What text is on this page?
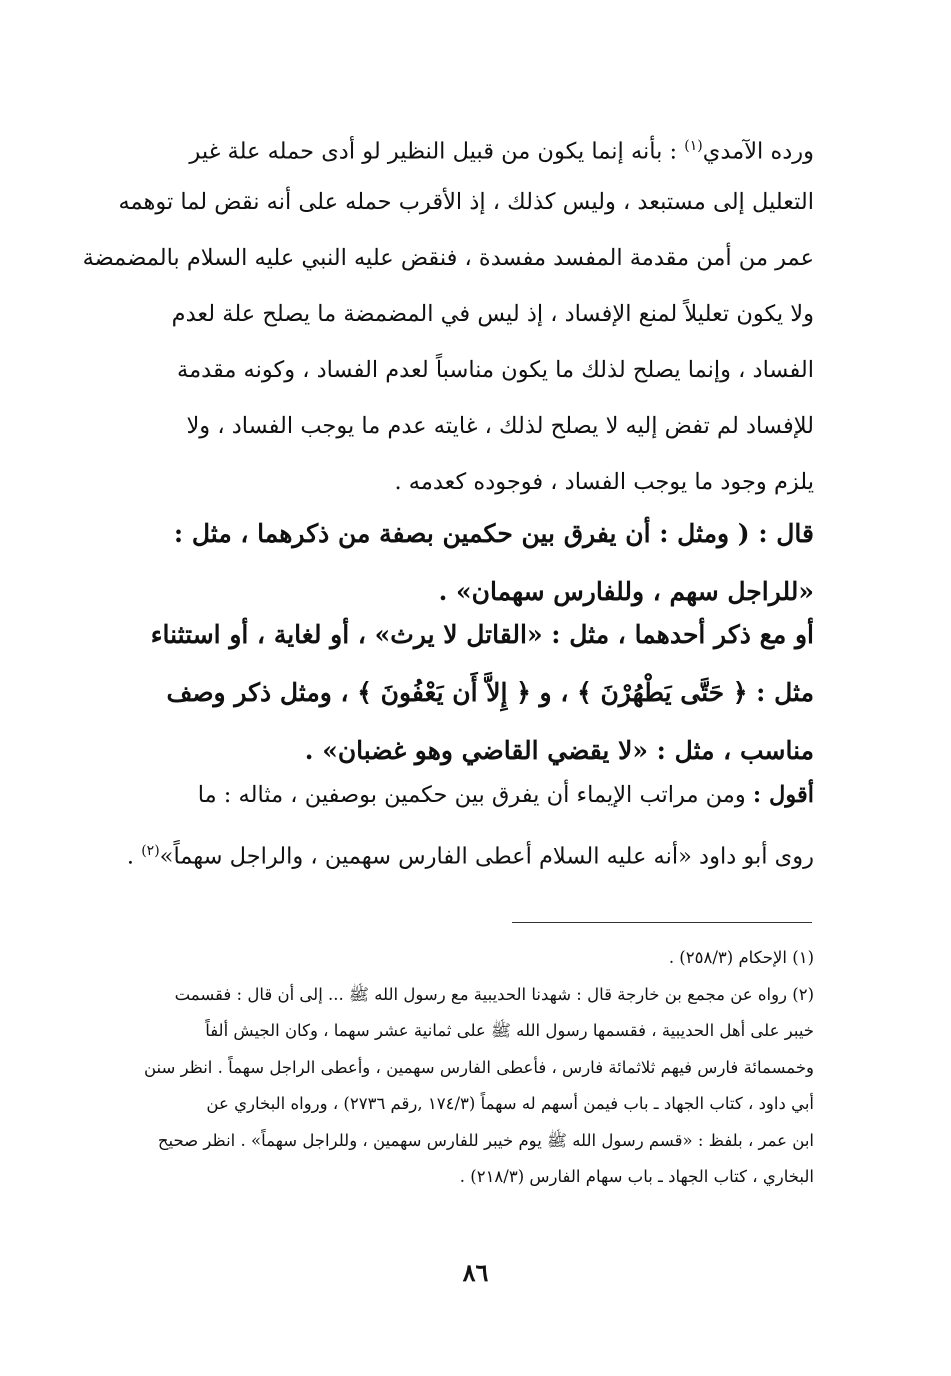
ورده الآمدي$^{(١)}$ : بأنه إنما يكون من قبيل النظير لو أدى حمله علة غير
التعليل إلى مستبعد ، وليس كذلك ، إذ الأقرب حمله على أنه نقض لما توهمه
عمر من أمن مقدمة المفسد مفسدة ، فنقض عليه النبي عليه السلام بالمضمضة
ولا يكون تعليلاً لمنع الإفساد ، إذ ليس في المضمضة ما يصلح علة لعدم
الفساد ، وإنما يصلح لذلك ما يكون مناسباً لعدم الفساد ، وكونه مقدمة
للإفساد لم تفض إليه لا يصلح لذلك ، غايته عدم ما يوجب الفساد ، ولا
يلزم وجود ما يوجب الفساد ، فوجوده كعدمه .
قال : ( ومثل : أن يفرق بين حكمين بصفة من ذكرهما ، مثل :
«للراجل سهم ، وللفارس سهمان» .
أو مع ذكر أحدهما ، مثل : «القاتل لا يرث» ، أو لغاية ، أو استثناء
مثل : ﴿ حَتَّى يَطْهُرْنَ ﴾ ، و ﴿ إِلاَّ أَن يَعْفُونَ ﴾ ، ومثل ذكر وصف
مناسب ، مثل : «لا يقضي القاضي وهو غضبان» .
أقول : ومن مراتب الإيماء أن يفرق بين حكمين بوصفين ، مثاله : ما
روى أبو داود «أنه عليه السلام أعطى الفارس سهمين ، والراجل سهماً»$^{(٢)}$ .
(١) الإحكام (٢٥٨/٣) .
(٢) رواه عن مجمع بن خارجة قال : شهدنا الحديبية مع رسول الله ﷺ ... إلى أن قال : فقسمت
خيبر على أهل الحديبية ، فقسمها رسول الله ﷺ على ثمانية عشر سهما ، وكان الجيش ألفاً
وخمسمائة فارس فيهم ثلاثمائة فارس ، فأعطى الفارس سهمين ، وأعطى الراجل سهماً . انظر سنن
أبي داود ، كتاب الجهاد ـ باب فيمن أسهم له سهماً (١٧٤/٣ ,رقم ٢٧٣٦) ، ورواه البخاري عن
ابن عمر ، بلفظ : «قسم رسول الله ﷺ يوم خيبر للفارس سهمين ، وللراجل سهماً» . انظر صحيح
البخاري ، كتاب الجهاد ـ باب سهام الفارس (٢١٨/٣) .
٨٦
